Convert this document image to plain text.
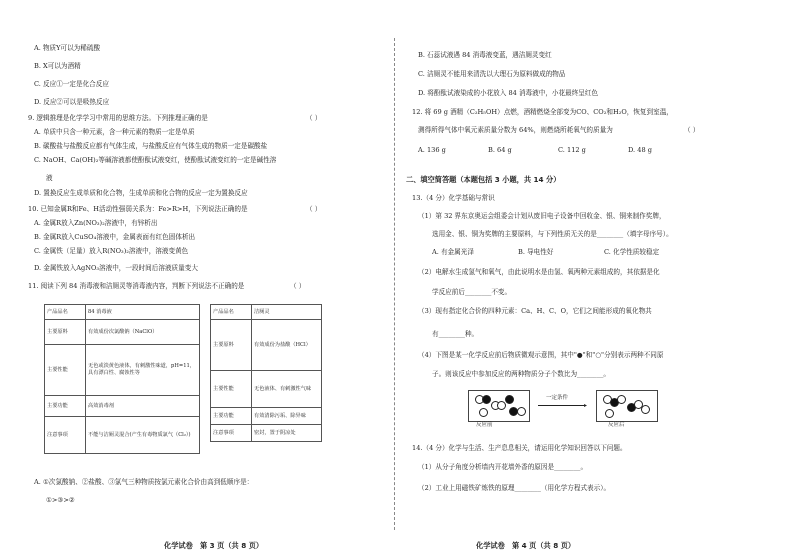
A. 物质Y可以为稀硫酸
B. X可以为酒精
C. 反应①一定是化合反应
D. 反应②可以是吸热反应
9. 逻辑推理是化学学习中常用的思维方法。下列推理正确的是	（ ）
A. 单质中只含一种元素，含一种元素的物质一定是单质
B. 碳酸盐与盐酸反应都有气体生成，与盐酸反应有气体生成的物质一定是碳酸盐
C. NaOH、Ca(OH)₂等碱溶液都使酚酞试液变红，使酚酞试液变红的一定是碱性溶
液
D. 置换反应生成单质和化合物，生成单质和化合物的反应一定为置换反应
10. 已知金属R和Fe、H活动性强弱关系为：Fe>R>H，下列说法正确的是	（ ）
A. 金属R放入Zn(NO₃)₂溶液中，有锌析出
B. 金属R放入CuSO₄溶液中，金属表面有红色固体析出
C. 金属铁（足量）放入R(NO₃)₂溶液中，溶液变黄色
D. 金属铁放入AgNO₃溶液中，一段时间后溶液质量变大
11. 阅读下列 84 消毒液和洁厕灵等消毒液内容，判断下列说法不正确的是	（ ）
产品品名	84 消毒液
主要原料	有效成份次氯酸钠（NaClO）
主要性能	无色或淡黄色液体，有刺激性味道，pH=11，具有漂白性、腐蚀性等
主要功能	高效消毒剂
注意事项	不能与洁厕灵混合(产生有毒物质氯气（Cl₂）)
产品品名	洁厕灵
主要原料	有效成份为盐酸（HCl）
主要性能	无色液体、有刺激性气味
主要功能	有效清除污垢、除异味
注意事项	密封，置于阴凉处
A. ①次氯酸钠、②盐酸、③氯气三种物质按氯元素化合价由高到低顺序是：
①>③>②
化学试卷　第 3 页（共 8 页）
B. 石蕊试液遇 84 消毒液变蓝，遇洁厕灵变红
C. 洁厕灵不能用来清洗以大理石为原料做成的物品
D. 将酚酞试液染成的小花放入 84 消毒液中，小花最终呈红色
12. 将 69 g 酒精（C₂H₅OH）点燃，酒精燃烧全部变为CO、CO₂和H₂O，恢复到室温，
测得所得气体中氧元素质量分数为 64%，则燃烧所耗氧气的质量为	（ ）
A. 136 g	B. 64 g	C. 112 g	D. 48 g
二、填空简答题（本题包括 3 小题，共 14 分）
13.（4 分）化学基础与常识
（1）第 32 界东京奥运会组委会计划从废旧电子设备中回收金、银、铜来制作奖牌，
选用金、银、铜为奖牌的主要原料，与下列性质无关的是________（填字母序号）。
A. 有金属光泽	B. 导电性好	C. 化学性质较稳定
（2）电解水生成氢气和氧气，由此说明水是由氢、氧两种元素组成的，其依据是化
学反应前后________不变。
（3）现有指定化合价的四种元素：Ca、H、C、O，它们之间能形成的氧化物共
有________种。
（4）下图是某一化学反应前后物质微观示意图，其中"●"和"○"分别表示两种不同原
子。则该反应中参加反应的两种物质分子个数比为________。
反应前
▸
一定条件
反应后
14.（4 分）化学与生活、生产息息相关，请运用化学知识回答以下问题。
（1）从分子角度分析墙内开花墙外香的原因是________。
（2）工业上用磁铁矿炼铁的原理________（用化学方程式表示）。
化学试卷　第 4 页（共 8 页）
